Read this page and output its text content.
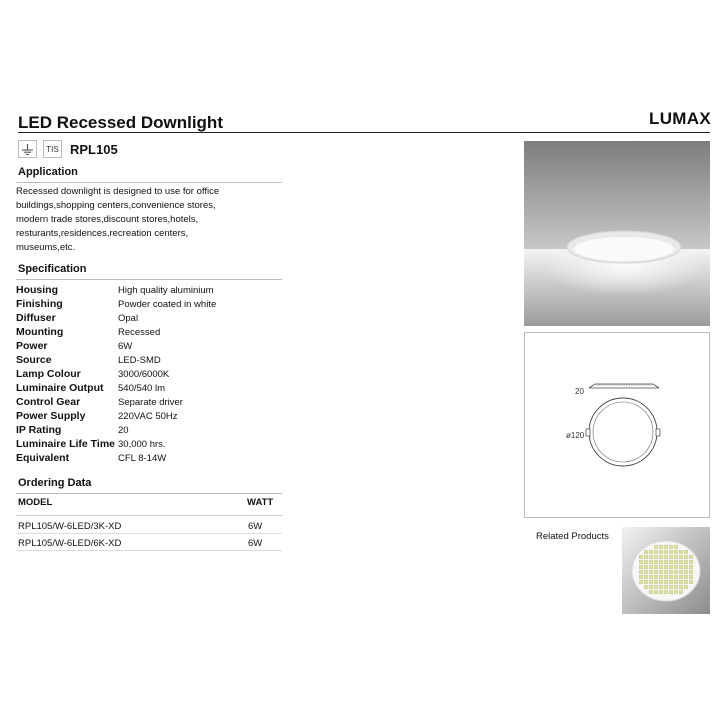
LED Recessed Downlight	LUMAX
TIS RPL105
Application
Recessed downlight is designed to use for office
buildings,shopping centers,convenience stores,
modern trade stores,discount stores,hotels,
resturants,residences,recreation centers,
museums,etc.
Specification
Housing	High quality aluminium
Finishing	Powder coated in white
Diffuser	Opal
Mounting	Recessed
Power	6W
Source	LED-SMD
Lamp Colour	3000/6000K
Luminaire Output 540/540 lm
Control Gear	Separate driver
Power Supply	220VAC 50Hz
IP Rating	20
Luminaire Life Time 30,000 hrs.
Equivalent	CFL 8-14W
Ordering Data
MODEL	WATT
RPL105/W-6LED/3K-XD	6W
RPL105/W-6LED/6K-XD	6W
20
ø120
Related Products
